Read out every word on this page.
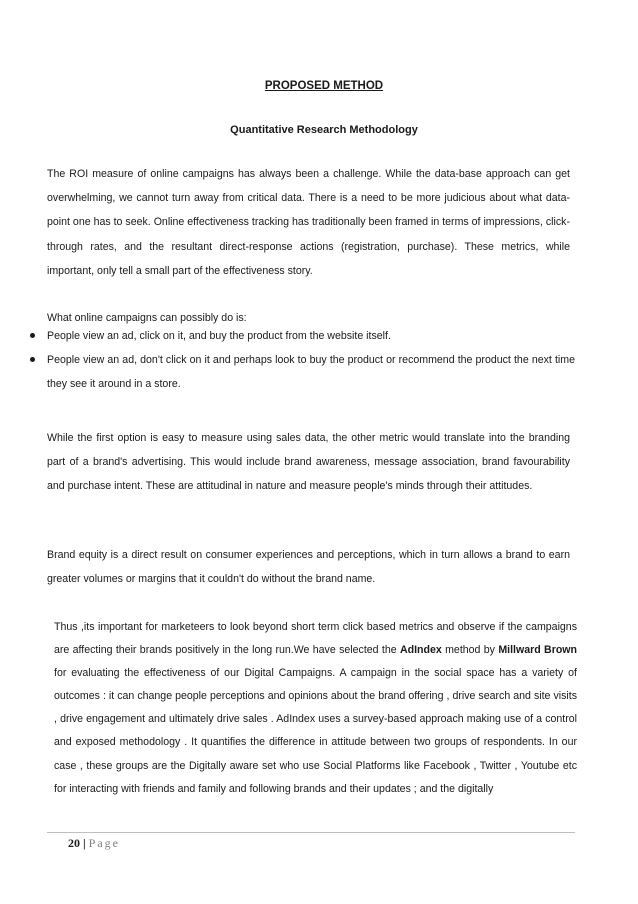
PROPOSED METHOD
Quantitative Research Methodology

The ROI measure of online campaigns has always been a challenge. While the data-base approach can get overwhelming, we cannot turn away from critical data. There is a need to be more judicious about what data-point one has to seek. Online effectiveness tracking has traditionally been framed in terms of impressions, click-through rates, and the resultant direct-response actions (registration, purchase). These metrics, while important, only tell a small part of the effectiveness story.

What online campaigns can possibly do is:

People view an ad, click on it, and buy the product from the website itself.
People view an ad, don't click on it and perhaps look to buy the product or recommend the product the next time they see it around in a store.

While the first option is easy to measure using sales data, the other metric would translate into the branding part of a brand's advertising. This would include brand awareness, message association, brand favourability and purchase intent. These are attitudinal in nature and measure people's minds through their attitudes.

Brand equity is a direct result on consumer experiences and perceptions, which in turn allows a brand to earn greater volumes or margins that it couldn't do without the brand name.

Thus ,its important for marketeers to look beyond short term click based metrics and observe if the campaigns are affecting their brands positively in the long run.We have selected the AdIndex method by Millward Brown for evaluating the effectiveness of our Digital Campaigns. A campaign in the social space has a variety of outcomes : it can change people perceptions and opinions about the brand offering , drive search and site visits , drive engagement and ultimately drive sales . AdIndex uses a survey-based approach making use of a control and exposed methodology . It quantifies the difference in attitude between two groups of respondents. In our case , these groups are the Digitally aware set who use Social Platforms like Facebook , Twitter , Youtube etc for interacting with friends and family and following brands and their updates ; and the digitally

20 | Page
